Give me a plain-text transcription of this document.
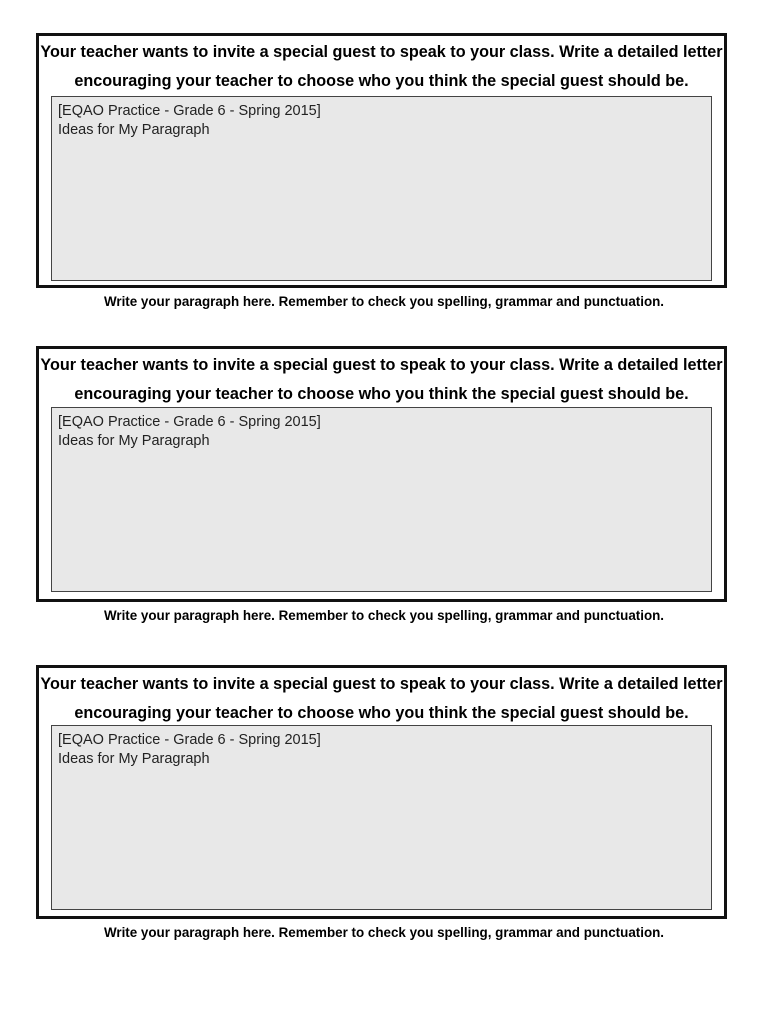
Your teacher wants to invite a special guest to speak to your class. Write a detailed letter encouraging your teacher to choose who you think the special guest should be.

[EQAO Practice - Grade 6 - Spring 2015]
Ideas for My Paragraph
Write your paragraph here. Remember to check you spelling, grammar and punctuation.

Your teacher wants to invite a special guest to speak to your class. Write a detailed letter encouraging your teacher to choose who you think the special guest should be.

[EQAO Practice - Grade 6 - Spring 2015]
Ideas for My Paragraph
Write your paragraph here. Remember to check you spelling, grammar and punctuation.

Your teacher wants to invite a special guest to speak to your class. Write a detailed letter encouraging your teacher to choose who you think the special guest should be.

[EQAO Practice - Grade 6 - Spring 2015]
Ideas for My Paragraph
Write your paragraph here. Remember to check you spelling, grammar and punctuation.
